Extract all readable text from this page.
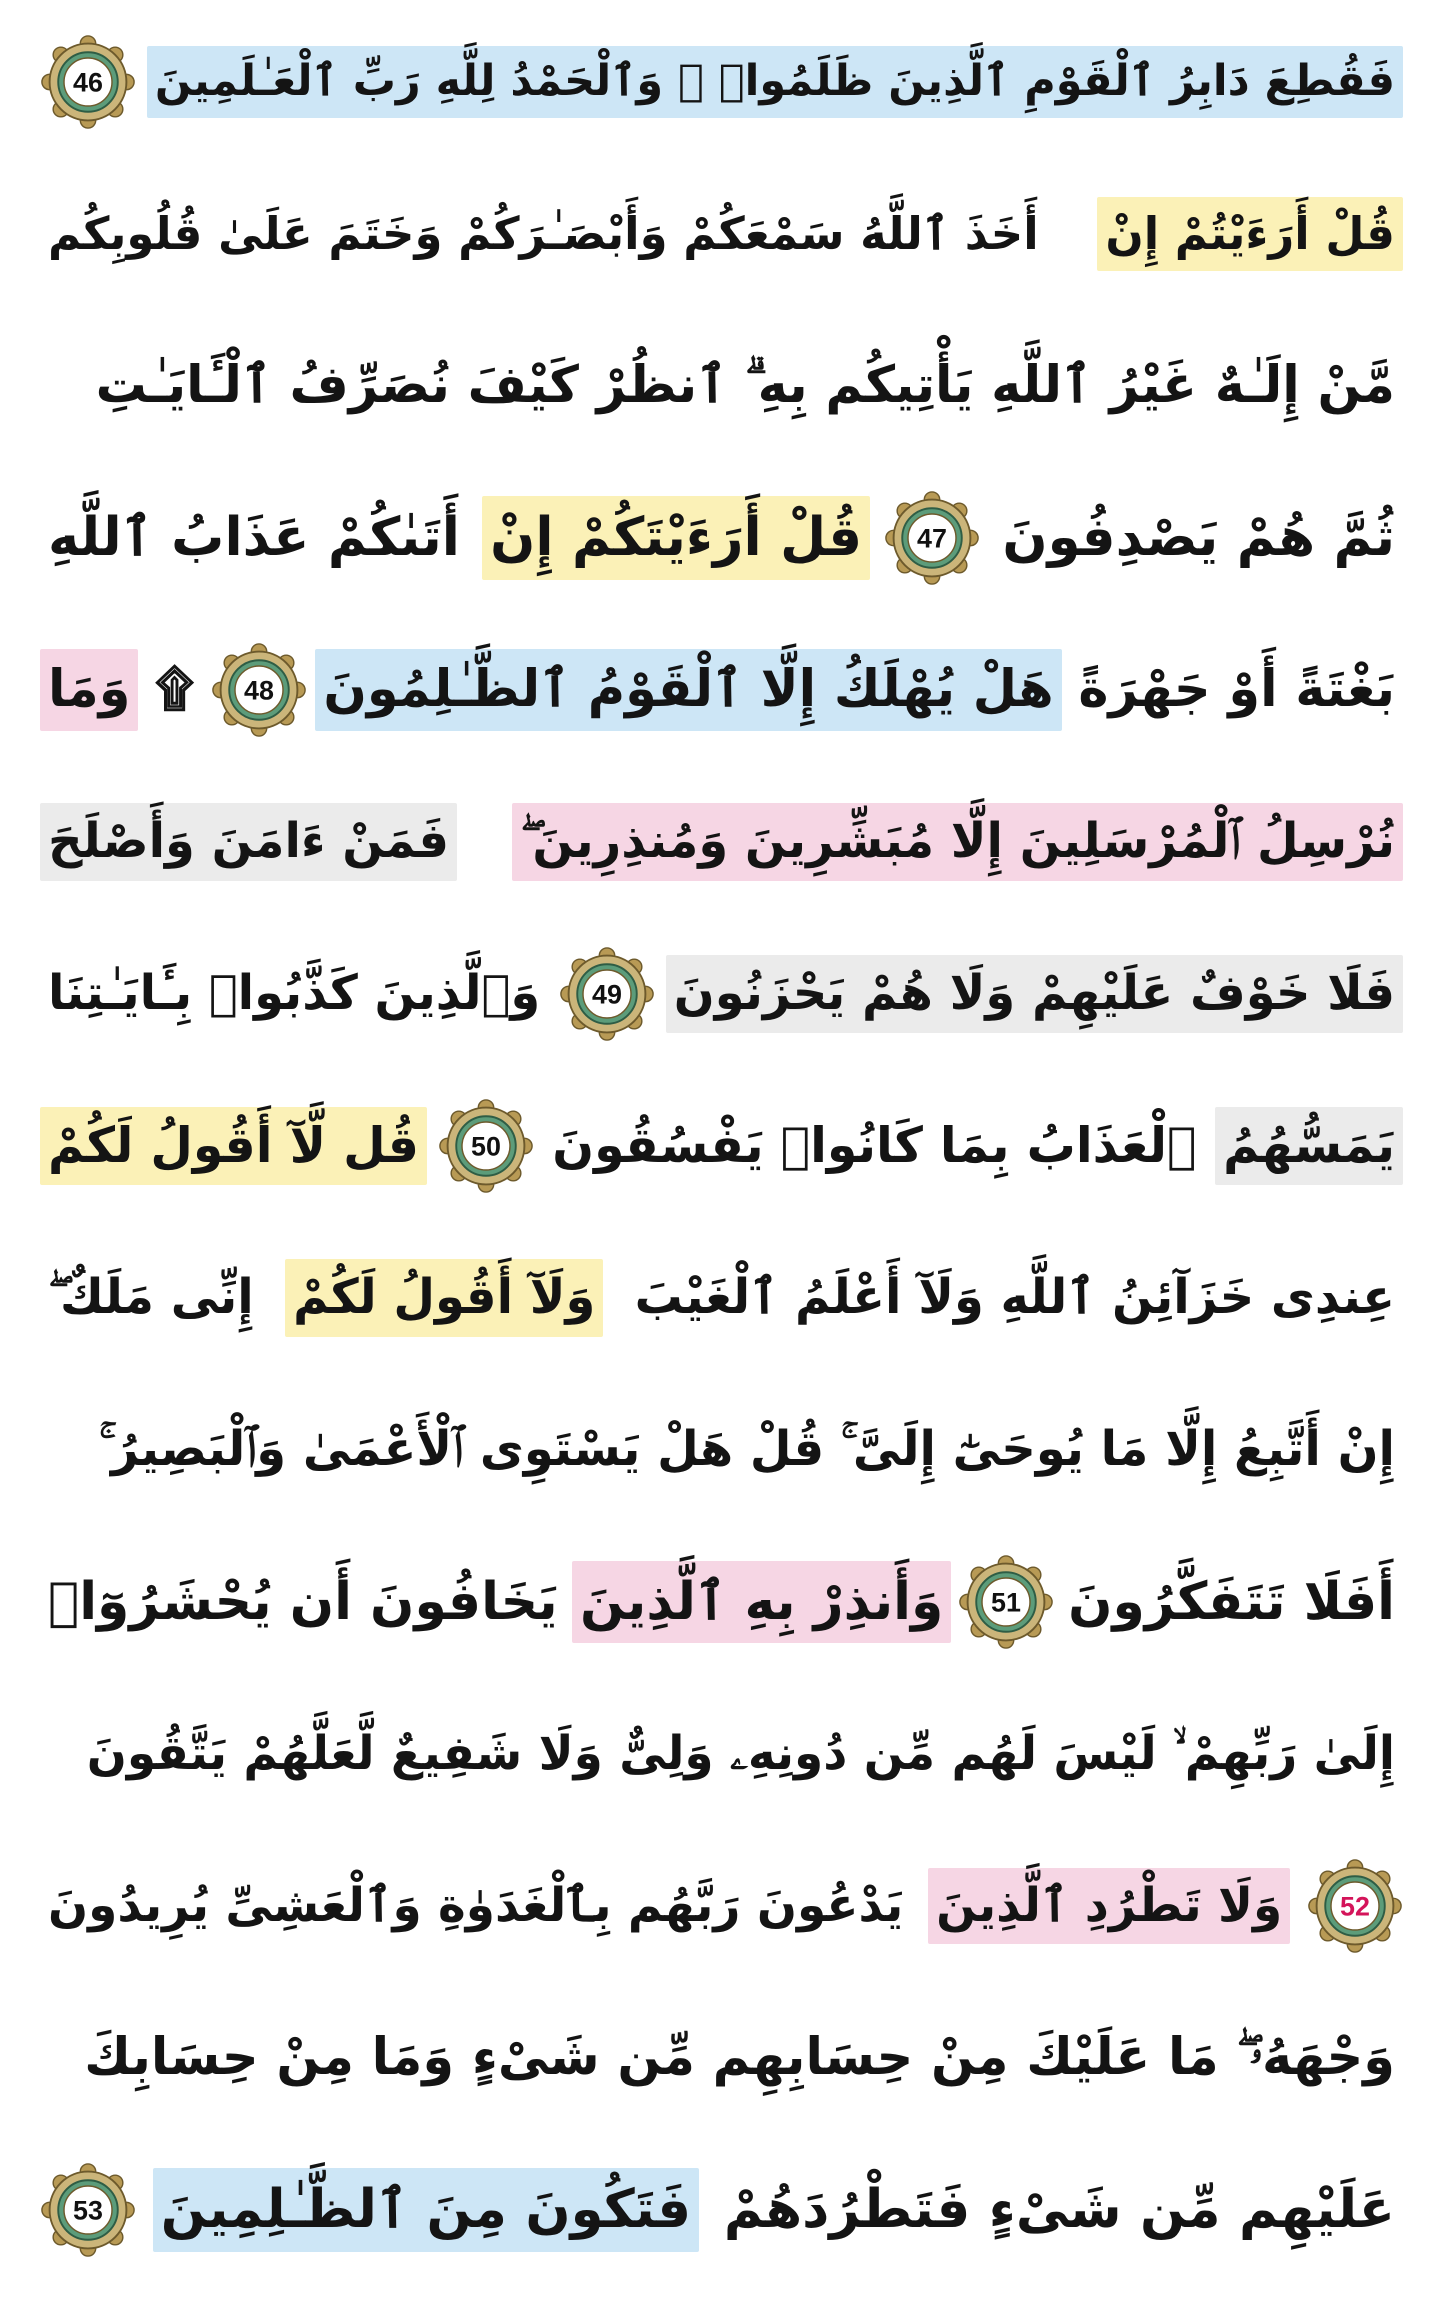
فَقُطِعَ دَابِرُ ٱلْقَوْمِ ٱلَّذِينَ ظَلَمُوا۟ ۚ وَٱلْحَمْدُ لِلَّهِ رَبِّ ٱلْعَـٰلَمِينَ
46
قُلْ أَرَءَيْتُمْ إِنْ
أَخَذَ ٱللَّهُ سَمْعَكُمْ وَأَبْصَـٰرَكُمْ وَخَتَمَ عَلَىٰ قُلُوبِكُم
مَّنْ إِلَـٰهٌ غَيْرُ ٱللَّهِ يَأْتِيكُم بِهِ ۗ ٱنظُرْ كَيْفَ نُصَرِّفُ ٱلْـَٔايَـٰتِ
ثُمَّ هُمْ يَصْدِفُونَ
47
قُلْ أَرَءَيْتَكُمْ إِنْ
أَتَىٰكُمْ عَذَابُ ٱللَّهِ
بَغْتَةً أَوْ جَهْرَةً
هَلْ يُهْلَكُ إِلَّا ٱلْقَوْمُ ٱلظَّـٰلِمُونَ
48
۩
وَمَا
نُرْسِلُ ٱلْمُرْسَلِينَ إِلَّا مُبَشِّرِينَ وَمُنذِرِينَ ۖ
فَمَنْ ءَامَنَ وَأَصْلَحَ
فَلَا خَوْفٌ عَلَيْهِمْ وَلَا هُمْ يَحْزَنُونَ
49
وَٱلَّذِينَ كَذَّبُوا۟ بِـَٔايَـٰتِنَا
يَمَسُّهُمُ
ٱلْعَذَابُ بِمَا كَانُوا۟ يَفْسُقُونَ
50
قُل لَّآ أَقُولُ لَكُمْ
عِندِى خَزَآئِنُ ٱللَّهِ وَلَآ أَعْلَمُ ٱلْغَيْبَ
وَلَآ أَقُولُ لَكُمْ
إِنِّى مَلَكٌ ۖ
إِنْ أَتَّبِعُ إِلَّا مَا يُوحَىٰٓ إِلَىَّ ۚ قُلْ هَلْ يَسْتَوِى ٱلْأَعْمَىٰ وَٱلْبَصِيرُ ۚ
أَفَلَا تَتَفَكَّرُونَ
51
وَأَنذِرْ بِهِ ٱلَّذِينَ
يَخَافُونَ أَن يُحْشَرُوٓا۟
إِلَىٰ رَبِّهِمْ ۙ لَيْسَ لَهُم مِّن دُونِهِۦ وَلِىٌّ وَلَا شَفِيعٌ لَّعَلَّهُمْ يَتَّقُونَ
52
وَلَا تَطْرُدِ ٱلَّذِينَ
يَدْعُونَ رَبَّهُم بِٱلْغَدَوٰةِ وَٱلْعَشِىِّ يُرِيدُونَ
وَجْهَهُۥ ۖ مَا عَلَيْكَ مِنْ حِسَابِهِم مِّن شَىْءٍ وَمَا مِنْ حِسَابِكَ
عَلَيْهِم مِّن شَىْءٍ فَتَطْرُدَهُمْ
فَتَكُونَ مِنَ ٱلظَّـٰلِمِينَ
53
